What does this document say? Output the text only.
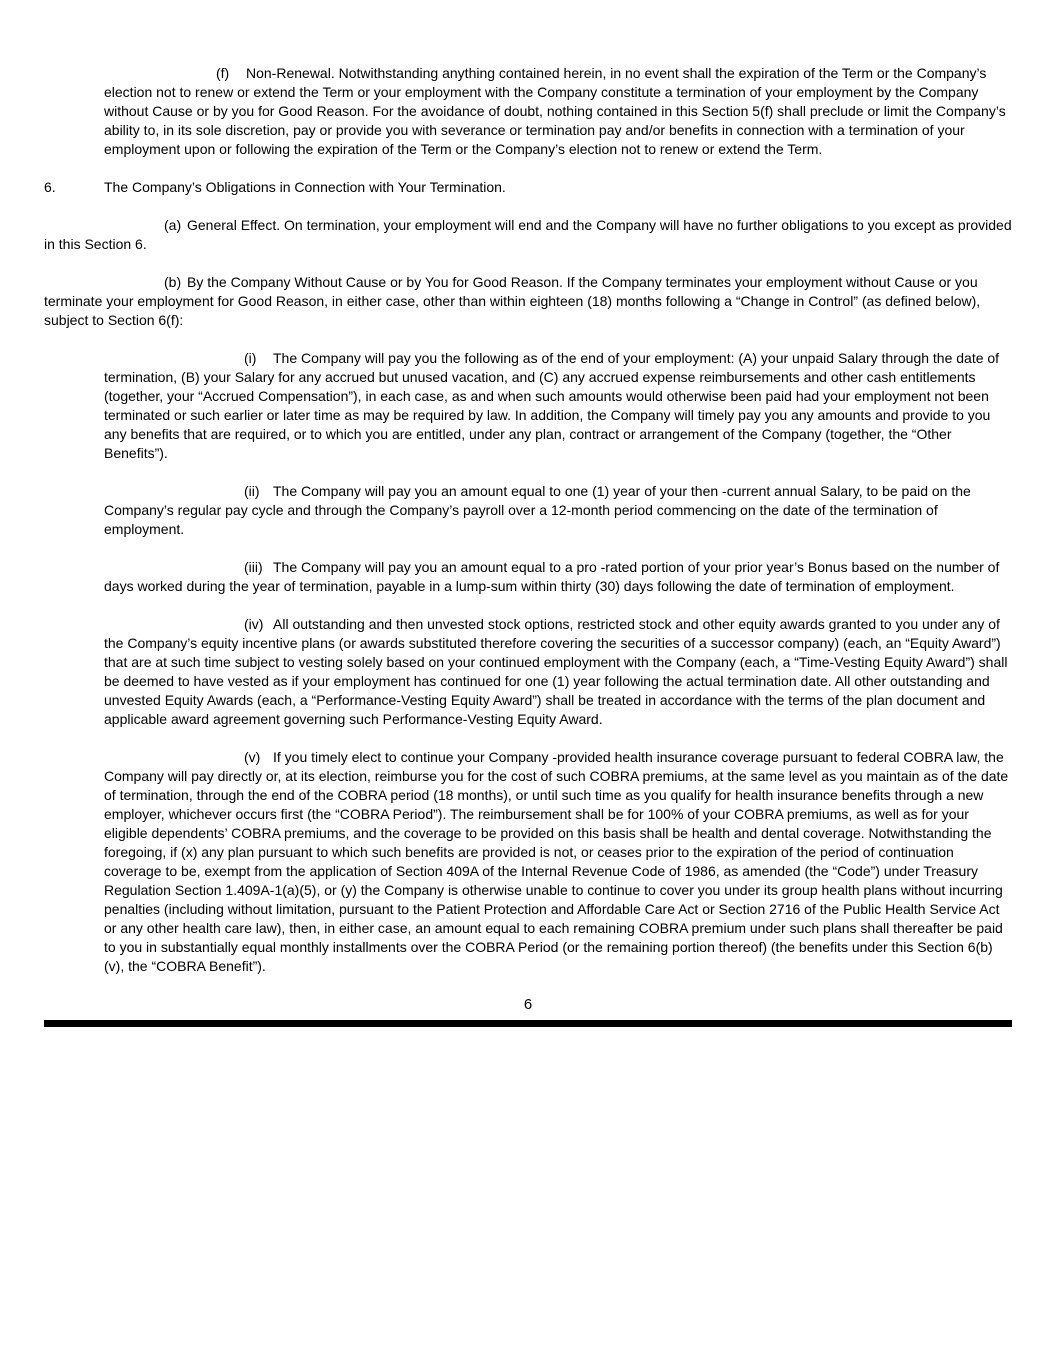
(f) Non-Renewal. Notwithstanding anything contained herein, in no event shall the expiration of the Term or the Company’s election not to renew or extend the Term or your employment with the Company constitute a termination of your employment by the Company without Cause or by you for Good Reason. For the avoidance of doubt, nothing contained in this Section 5(f) shall preclude or limit the Company’s ability to, in its sole discretion, pay or provide you with severance or termination pay and/or benefits in connection with a termination of your employment upon or following the expiration of the Term or the Company’s election not to renew or extend the Term.

6.	The Company’s Obligations in Connection with Your Termination.

(a) General Effect. On termination, your employment will end and the Company will have no further obligations to you except as provided in this Section 6.

(b) By the Company Without Cause or by You for Good Reason. If the Company terminates your employment without Cause or you terminate your employment for Good Reason, in either case, other than within eighteen (18) months following a “Change in Control” (as defined below), subject to Section 6(f):

(i) The Company will pay you the following as of the end of your employment: (A) your unpaid Salary through the date of termination, (B) your Salary for any accrued but unused vacation, and (C) any accrued expense reimbursements and other cash entitlements (together, your “Accrued Compensation”), in each case, as and when such amounts would otherwise been paid had your employment not been terminated or such earlier or later time as may be required by law. In addition, the Company will timely pay you any amounts and provide to you any benefits that are required, or to which you are entitled, under any plan, contract or arrangement of the Company (together, the “Other Benefits”).

(ii) The Company will pay you an amount equal to one (1) year of your then -current annual Salary, to be paid on the Company’s regular pay cycle and through the Company’s payroll over a 12-month period commencing on the date of the termination of employment.

(iii) The Company will pay you an amount equal to a pro -rated portion of your prior year’s Bonus based on the number of days worked during the year of termination, payable in a lump-sum within thirty (30) days following the date of termination of employment.

(iv) All outstanding and then unvested stock options, restricted stock and other equity awards granted to you under any of the Company’s equity incentive plans (or awards substituted therefore covering the securities of a successor company) (each, an “Equity Award”) that are at such time subject to vesting solely based on your continued employment with the Company (each, a “Time-Vesting Equity Award”) shall be deemed to have vested as if your employment has continued for one (1) year following the actual termination date. All other outstanding and unvested Equity Awards (each, a “Performance-Vesting Equity Award”) shall be treated in accordance with the terms of the plan document and applicable award agreement governing such Performance-Vesting Equity Award.

(v) If you timely elect to continue your Company -provided health insurance coverage pursuant to federal COBRA law, the Company will pay directly or, at its election, reimburse you for the cost of such COBRA premiums, at the same level as you maintain as of the date of termination, through the end of the COBRA period (18 months), or until such time as you qualify for health insurance benefits through a new employer, whichever occurs first (the “COBRA Period”). The reimbursement shall be for 100% of your COBRA premiums, as well as for your eligible dependents’ COBRA premiums, and the coverage to be provided on this basis shall be health and dental coverage. Notwithstanding the foregoing, if (x) any plan pursuant to which such benefits are provided is not, or ceases prior to the expiration of the period of continuation coverage to be, exempt from the application of Section 409A of the Internal Revenue Code of 1986, as amended (the “Code”) under Treasury Regulation Section 1.409A-1(a)(5), or (y) the Company is otherwise unable to continue to cover you under its group health plans without incurring penalties (including without limitation, pursuant to the Patient Protection and Affordable Care Act or Section 2716 of the Public Health Service Act or any other health care law), then, in either case, an amount equal to each remaining COBRA premium under such plans shall thereafter be paid to you in substantially equal monthly installments over the COBRA Period (or the remaining portion thereof) (the benefits under this Section 6(b)(v), the “COBRA Benefit”).

6
